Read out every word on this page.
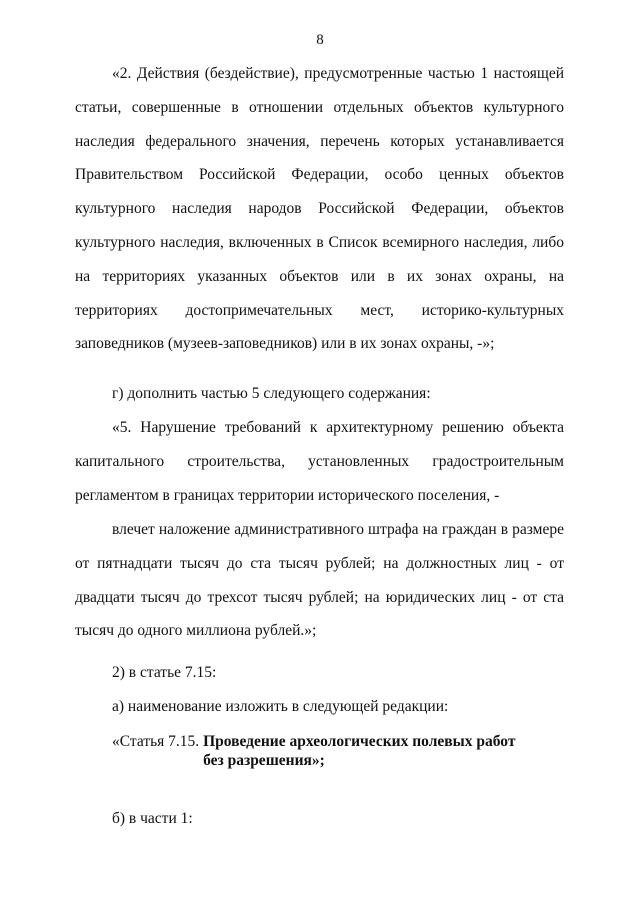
8

«2. Действия (бездействие), предусмотренные частью 1 настоящей статьи, совершенные в отношении отдельных объектов культурного наследия федерального значения, перечень которых устанавливается Правительством Российской Федерации, особо ценных объектов культурного наследия народов Российской Федерации, объектов культурного наследия, включенных в Список всемирного наследия, либо на территориях указанных объектов или в их зонах охраны, на территориях достопримечательных мест, историко-культурных заповедников (музеев-заповедников) или в их зонах охраны, -»;

г) дополнить частью 5 следующего содержания:

«5. Нарушение требований к архитектурному решению объекта капитального строительства, установленных градостроительным регламентом в границах территории исторического поселения, -

влечет наложение административного штрафа на граждан в размере от пятнадцати тысяч до ста тысяч рублей; на должностных лиц - от двадцати тысяч до трехсот тысяч рублей; на юридических лиц - от ста тысяч до одного миллиона рублей.»;

2) в статье 7.15:

а) наименование изложить в следующей редакции:

«Статья 7.15. Проведение археологических полевых работ без разрешения»;

б) в части 1:
